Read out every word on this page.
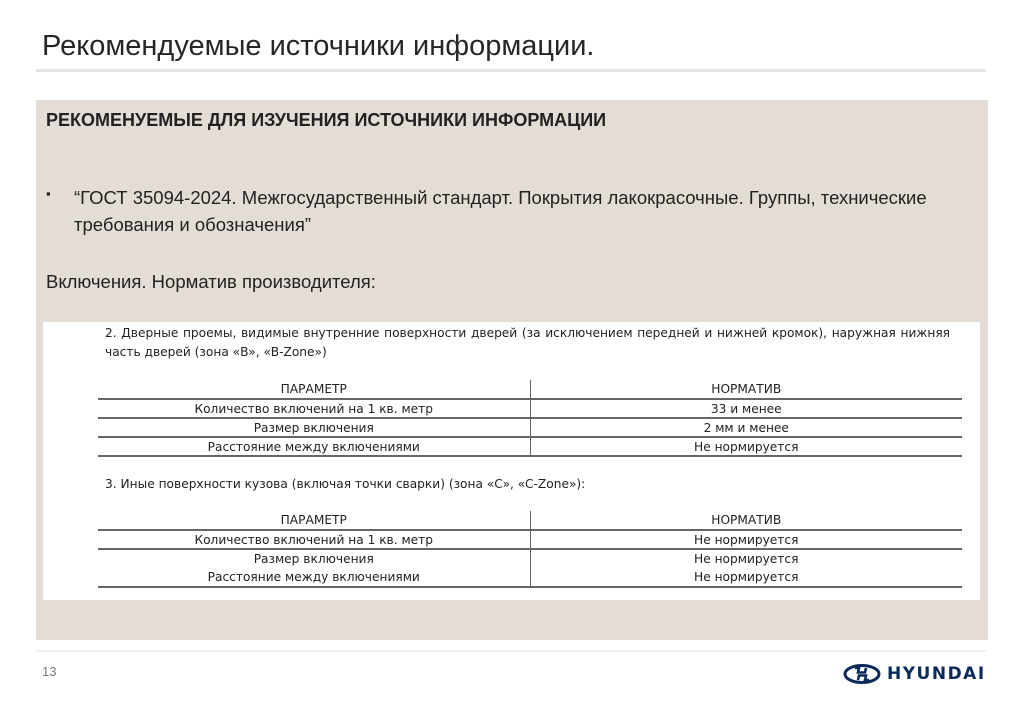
Рекомендуемые источники информации.
РЕКОМЕНУЕМЫЕ ДЛЯ ИЗУЧЕНИЯ ИСТОЧНИКИ ИНФОРМАЦИИ
▪ “ГОСТ 35094-2024. Межгосударственный стандарт. Покрытия лакокрасочные. Группы, технические требования и обозначения”
Включения. Норматив производителя:
2. Дверные проемы, видимые внутренние поверхности дверей (за исключением передней и нижней кромок), наружная нижняя часть дверей (зона «B», «B-Zone»)
ПАРАМЕТР	НОРМАТИВ
Количество включений на 1 кв. метр	33 и менее
Размер включения	2 мм и менее
Расстояние между включениями	Не нормируется
3. Иные поверхности кузова (включая точки сварки) (зона «C», «C-Zone»):
ПАРАМЕТР	НОРМАТИВ
Количество включений на 1 кв. метр	Не нормируется
Размер включения	Не нормируется
Расстояние между включениями	Не нормируется
13	HYUNDAI
